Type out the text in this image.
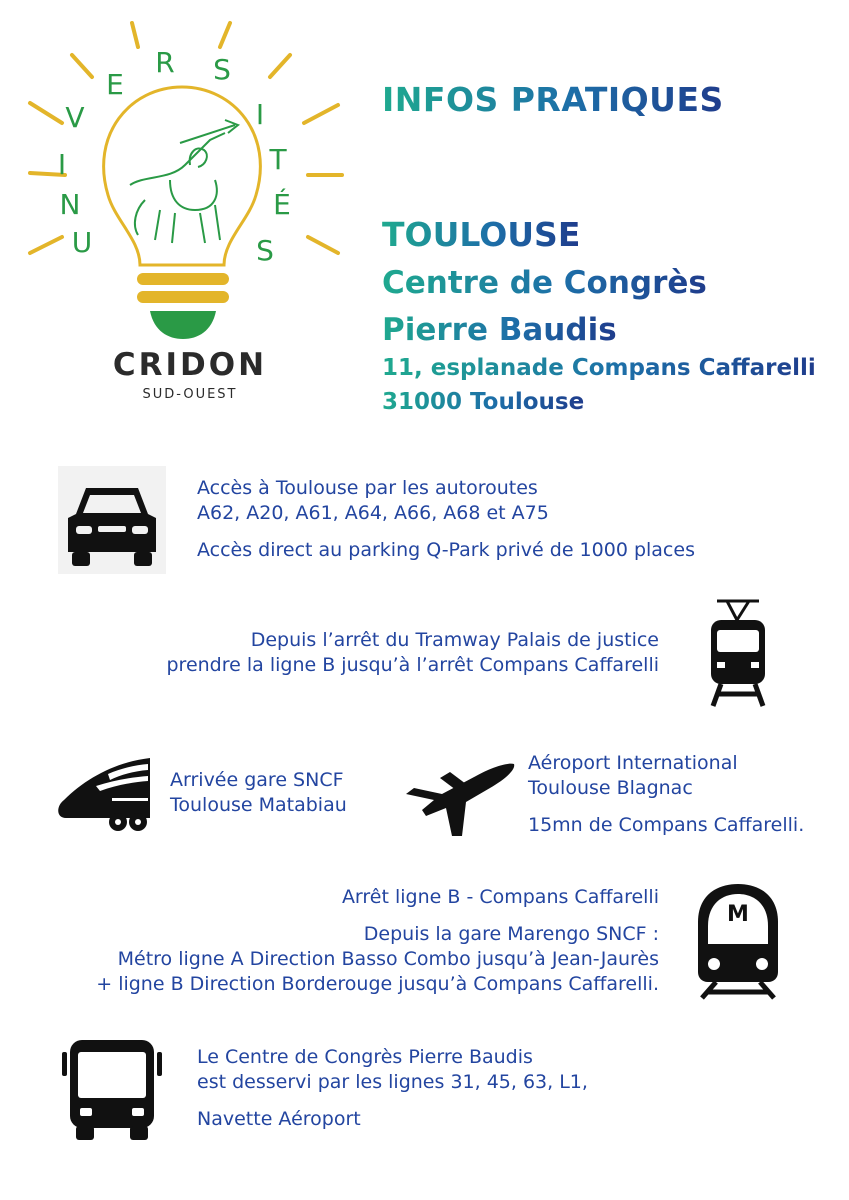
U
N
I
V
E
R S
I
T
É
S
CRIDON
SUD-OUEST
INFOS PRATIQUES
TOULOUSE
Centre de Congrès
Pierre Baudis
11, esplanade Compans Caffarelli
31000 Toulouse
Accès à Toulouse par les autoroutes
A62, A20, A61, A64, A66, A68 et A75
Accès direct au parking Q-Park privé de 1000 places
Depuis l’arrêt du Tramway Palais de justice
prendre la ligne B jusqu’à l’arrêt Compans Caffarelli
Arrivée gare SNCF
Toulouse Matabiau
Aéroport International
Toulouse Blagnac
15mn de Compans Caffarelli.
Arrêt ligne B - Compans Caffarelli
Depuis la gare Marengo SNCF :
Métro ligne A Direction Basso Combo jusqu’à Jean-Jaurès
+ ligne B Direction Borderouge jusqu’à Compans Caffarelli.
M
Le Centre de Congrès Pierre Baudis
est desservi par les lignes 31, 45, 63, L1,
Navette Aéroport
